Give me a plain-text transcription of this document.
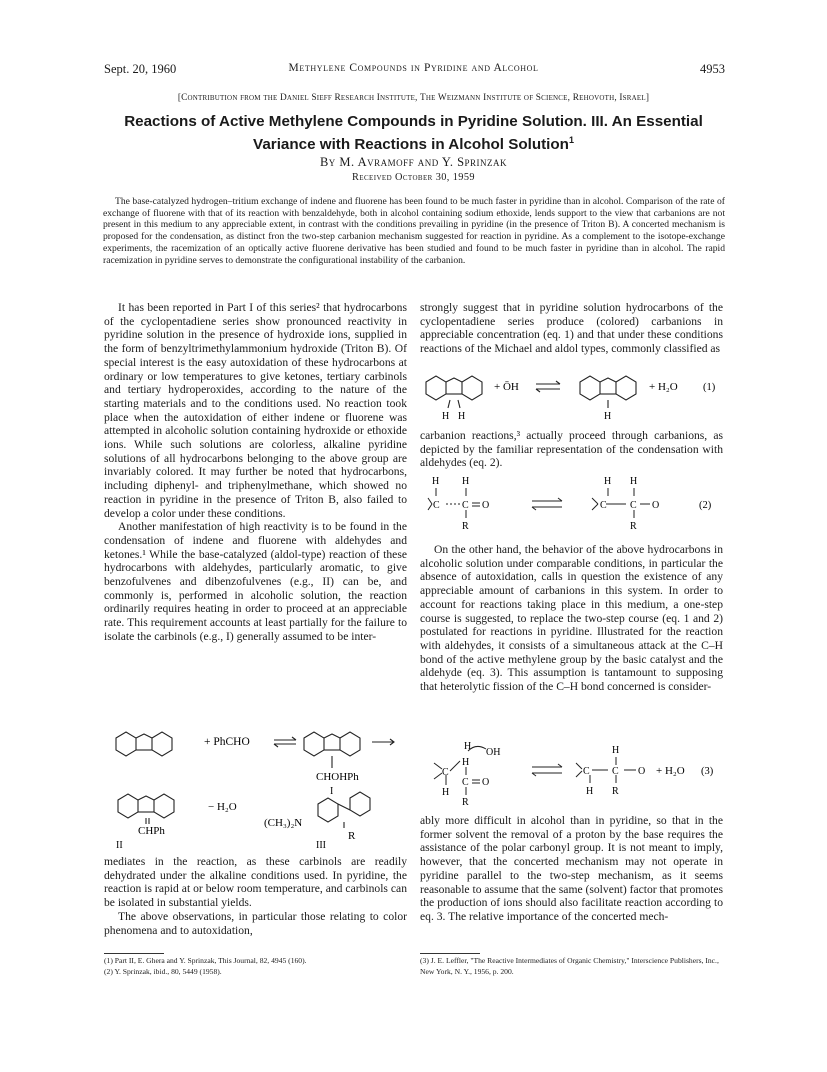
Sept. 20, 1960	Methylene Compounds in Pyridine and Alcohol	4953
[Contribution from the Daniel Sieff Research Institute, The Weizmann Institute of Science, Rehovoth, Israel]
Reactions of Active Methylene Compounds in Pyridine Solution. III. An Essential
Variance with Reactions in Alcohol Solution$^1$
By M. Avramoff and Y. Sprinzak
Received October 30, 1959

The base-catalyzed hydrogen–tritium exchange of indene and fluorene has been found to be much faster in pyridine than in alcohol. Comparison of the rate of exchange of fluorene with that of its reaction with benzaldehyde, both in alcohol containing sodium ethoxide, lends support to the view that carbanions are not present in this medium to any appreciable extent, in contrast with the conditions prevailing in pyridine (in the presence of Triton B). A concerted mechanism is proposed for the condensation, as distinct fron the two-step carbanion mechanism suggested for reaction in pyridine. As a complement to the isotope-exchange experiments, the racemization of an optically active fluorene derivative has been studied and found to be much faster in pyridine than in alcohol. The rapid racemization in pyridine serves to demonstrate the configurational instability of the carbanion.

It has been reported in Part I of this series² that hydrocarbons of the cyclopentadiene series show pronounced reactivity in pyridine solution in the presence of hydroxide ions, supplied in the form of benzyltrimethylammonium hydroxide (Triton B). Of special interest is the easy autoxidation of these hydrocarbons at ordinary or low temperatures to give ketones, tertiary carbinols and tertiary hydroperoxides, according to the nature of the starting materials and to the conditions used. No reaction took place when the autoxidation of either indene or fluorene was attempted in alcoholic solution containing hydroxide or ethoxide ions. While such solutions are colorless, alkaline pyridine solutions of all hydrocarbons belonging to the above group are invariably colored. It may further be noted that hydrocarbons, including diphenyl- and triphenylmethane, which showed no reaction in pyridine in the presence of Triton B, also failed to develop a color under these conditions.

Another manifestation of high reactivity is to be found in the condensation of indene and fluorene with aldehydes and ketones.¹ While the base-catalyzed (aldol-type) reaction of these hydrocarbons with aldehydes, particularly aromatic, to give benzofulvenes and dibenzofulvenes (e.g., II) can be, and commonly is, performed in alcoholic solution, the reaction ordinarily requires heating in order to proceed at an appreciable rate. This requirement accounts at least partially for the failure to isolate the carbinols (e.g., I) generally assumed to be inter-

+ PhCHO
CHOHPh
I
− H₂O
CHPh
II
(CH₃)₂N
R
III

mediates in the reaction, as these carbinols are readily dehydrated under the alkaline conditions used. In pyridine, the reaction is rapid at or below room temperature, and carbinols can be isolated in substantial yields.

The above observations, in particular those relating to color phenomena and to autoxidation,

(1) Part II, E. Ghera and Y. Sprinzak, This Journal, 82, 4945 (160).

(2) Y. Sprinzak, ibid., 80, 5449 (1958).

strongly suggest that in pyridine solution hydrocarbons of the cyclopentadiene series produce (colored) carbanions in appreciable concentration (eq. 1) and that under these conditions reactions of the Michael and aldol types, commonly classified as

+ ŌH
H H	H
+ H₂O (1)

carbanion reactions,³ actually proceed through carbanions, as depicted by the familiar representation of the condensation with aldehydes (eq. 2).

H H
C C O
R
H H
C C O
R
(2)

On the other hand, the behavior of the above hydrocarbons in alcoholic solution under comparable conditions, in particular the absence of autoxidation, calls in question the existence of any appreciable amount of carbanions in this system. In order to account for reactions taking place in this medium, a one-step course is suggested, to replace the two-step course (eq. 1 and 2) postulated for reactions in pyridine. Illustrated for the reaction with aldehydes, it consists of a simultaneous attack at the C–H bond of the active methylene group by the basic catalyst and the aldehyde (eq. 3). This assumption is tantamount to supposing that heterolytic fission of the C–H bond concerned is consider-

H
OH
C
H
H
C O
R
H
C C O
H R
+ H₂O (3)

ably more difficult in alcohol than in pyridine, so that in the former solvent the removal of a proton by the base requires the assistance of the polar carbonyl group. It is not meant to imply, however, that the concerted mechanism may not operate in pyridine parallel to the two-step mechanism, as it seems reasonable to assume that the same (solvent) factor that promotes the production of ions should also facilitate reaction according to eq. 3. The relative importance of the concerted mech-

(3) J. E. Leffler, "The Reactive Intermediates of Organic Chemistry," Interscience Publishers, Inc., New York, N. Y., 1956, p. 200.
